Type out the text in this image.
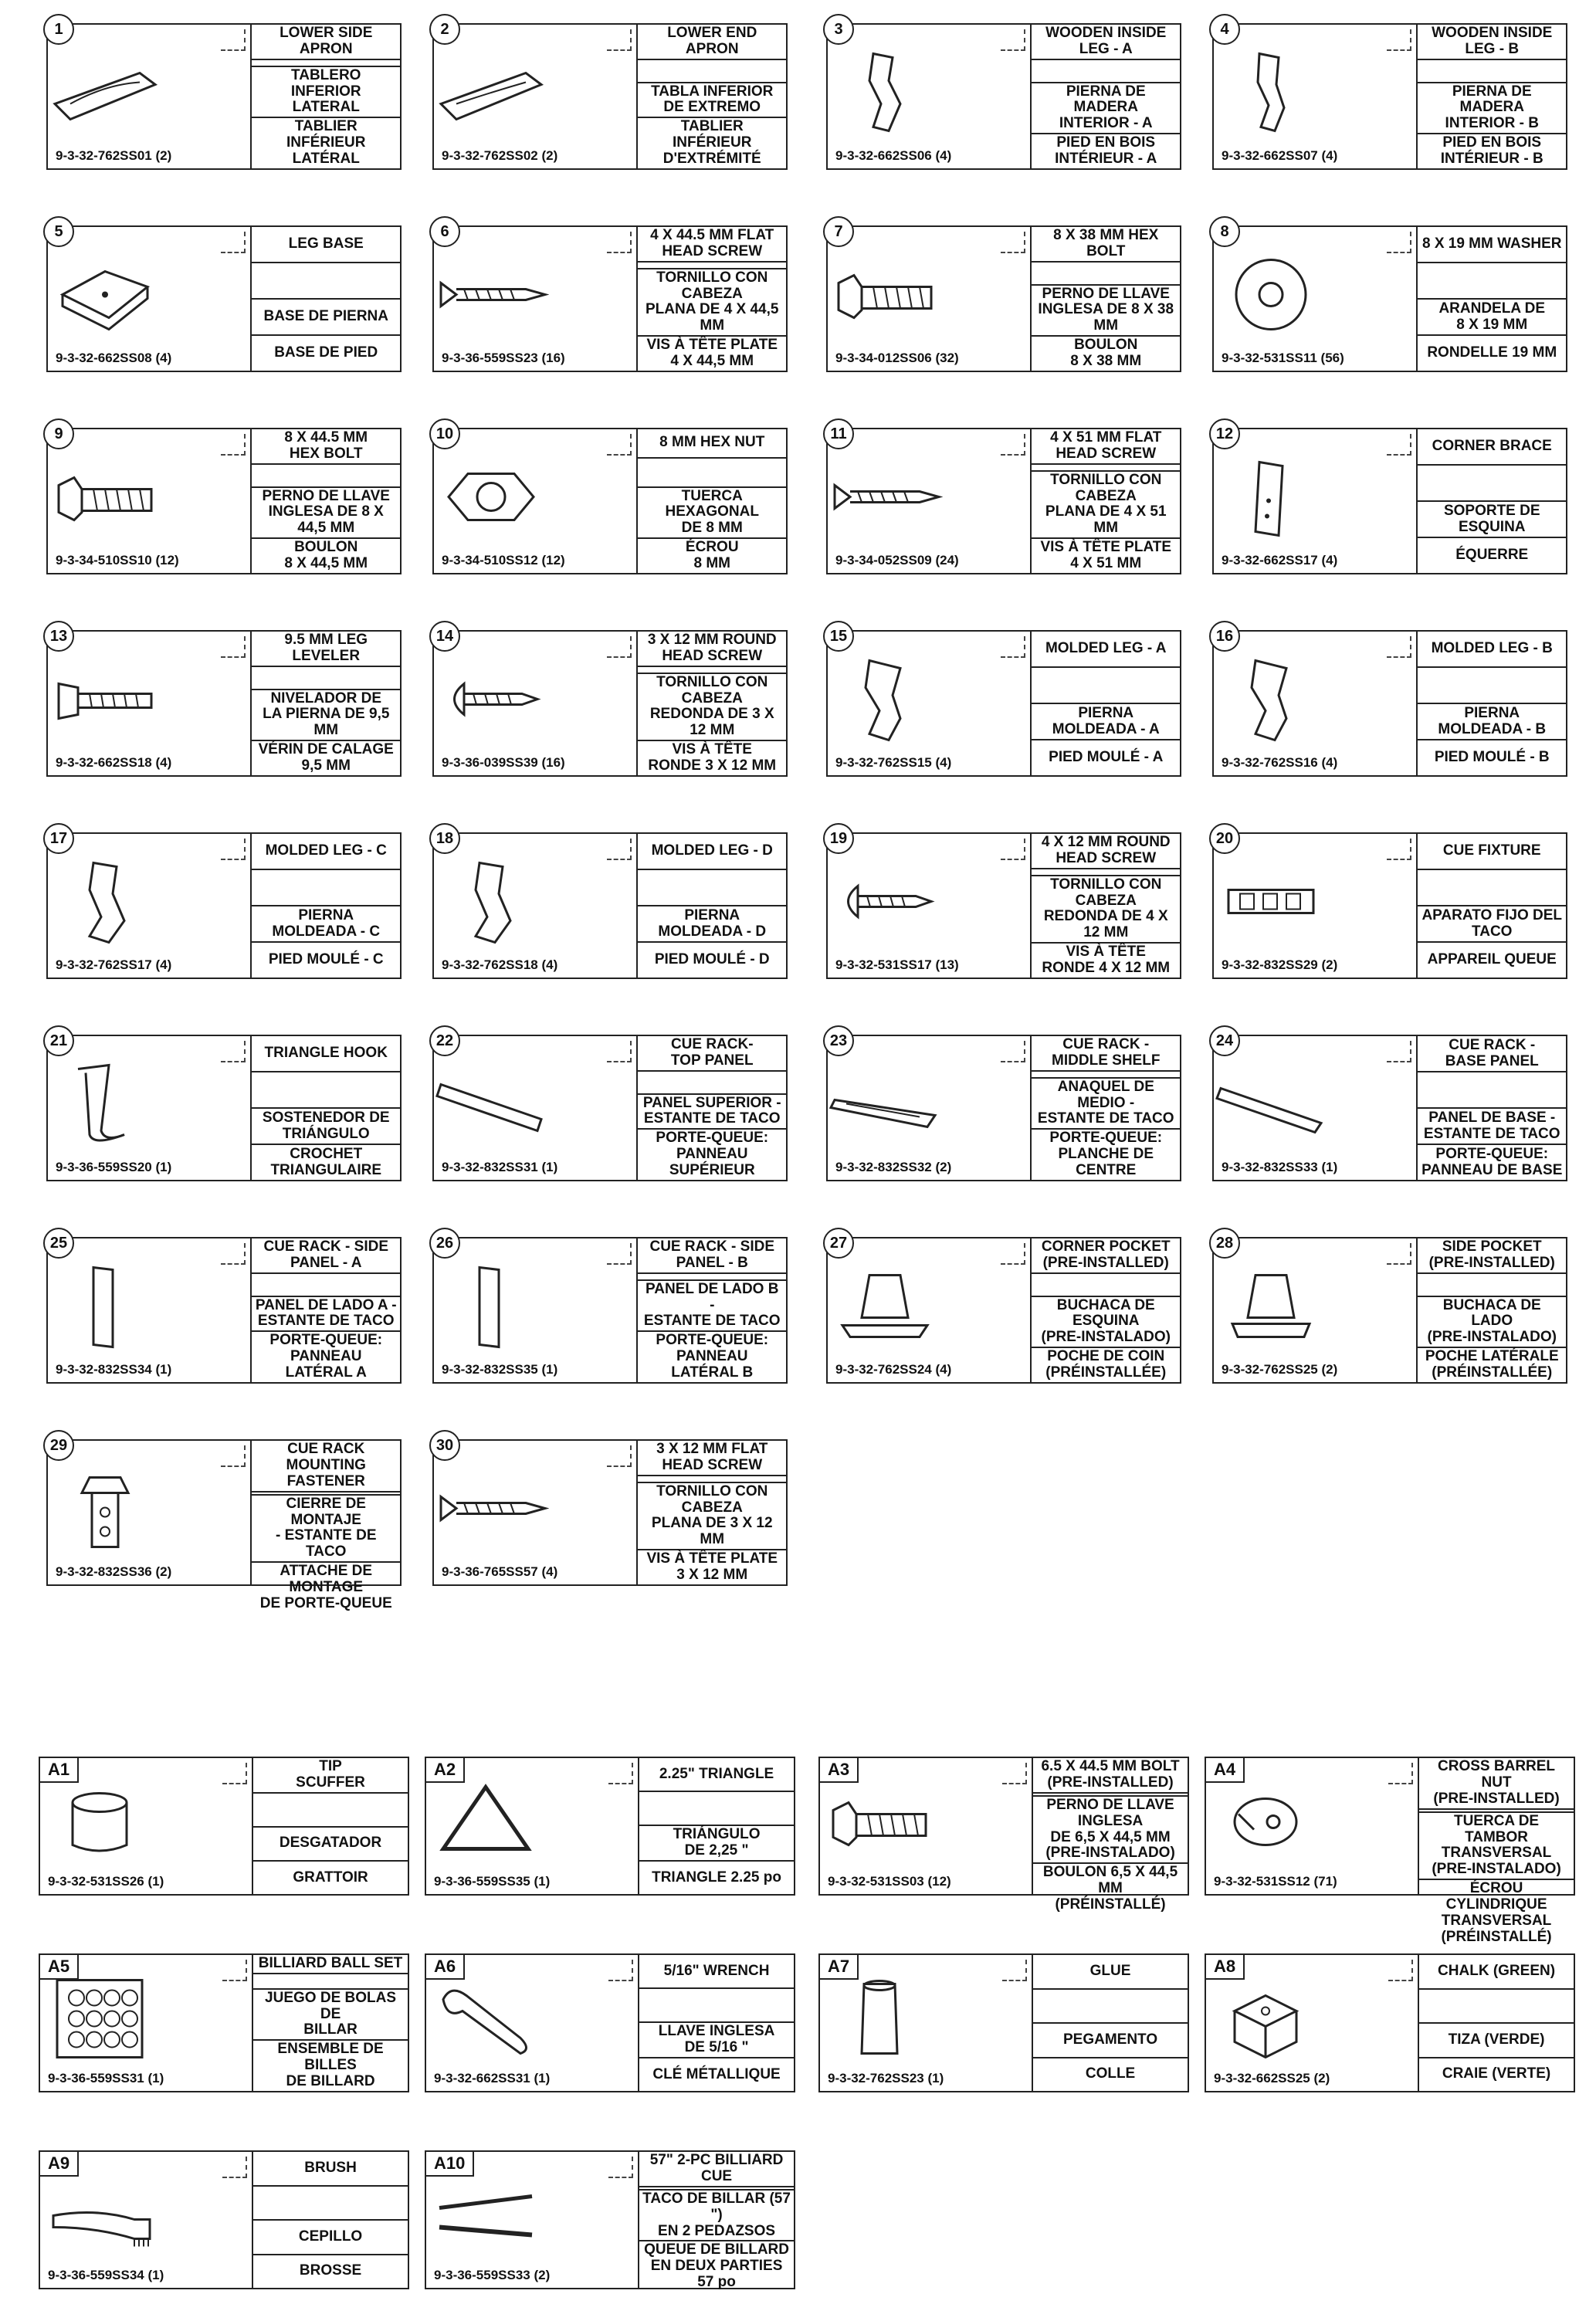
1
9-3-32-762SS01 (2)
LOWER SIDE APRON
TABLERO INFERIOR
LATERAL
TABLIER INFÉRIEUR
LATÉRAL
2
9-3-32-762SS02 (2)
LOWER END APRON
TABLA INFERIOR
DE EXTREMO
TABLIER INFÉRIEUR
D'EXTRÉMITÉ
3
9-3-32-662SS06 (4)
WOODEN INSIDE
LEG - A
PIERNA DE MADERA
INTERIOR - A
PIED EN BOIS
INTÉRIEUR - A
4
9-3-32-662SS07 (4)
WOODEN INSIDE
LEG - B
PIERNA DE MADERA
INTERIOR - B
PIED EN BOIS
INTÉRIEUR - B
5
9-3-32-662SS08 (4)
LEG BASE
BASE DE PIERNA
BASE DE PIED
6
9-3-36-559SS23 (16)
4 X 44.5 MM FLAT
HEAD SCREW
TORNILLO CON CABEZA
PLANA DE 4 X 44,5 MM
VIS À TÊTE PLATE
4 X 44,5 MM
7
9-3-34-012SS06 (32)
8 X 38 MM HEX
BOLT
PERNO DE LLAVE
INGLESA DE 8 X 38 MM
BOULON
8 X 38 MM
8
9-3-32-531SS11 (56)
8 X 19 MM WASHER
ARANDELA DE
8 X 19 MM
RONDELLE 19 MM
9
9-3-34-510SS10 (12)
8 X 44.5 MM
HEX BOLT
PERNO DE LLAVE
INGLESA DE 8 X 44,5 MM
BOULON
8 X 44,5 MM
10
9-3-34-510SS12 (12)
8 MM HEX NUT
TUERCA HEXAGONAL
DE 8 MM
ÉCROU
8 MM
11
9-3-34-052SS09 (24)
4 X 51 MM FLAT
HEAD SCREW
TORNILLO CON CABEZA
PLANA DE 4 X 51 MM
VIS À TÊTE PLATE
4 X 51 MM
12
9-3-32-662SS17 (4)
CORNER BRACE
SOPORTE DE
ESQUINA
ÉQUERRE
13
9-3-32-662SS18 (4)
9.5 MM LEG LEVELER
NIVELADOR DE
LA PIERNA DE 9,5 MM
VÉRIN DE CALAGE
9,5 MM
14
9-3-36-039SS39 (16)
3 X 12 MM ROUND
HEAD SCREW
TORNILLO CON CABEZA
REDONDA DE 3 X 12 MM
VIS À TÊTE
RONDE 3 X 12 MM
15
9-3-32-762SS15 (4)
MOLDED LEG - A
PIERNA MOLDEADA - A
PIED MOULÉ - A
16
9-3-32-762SS16 (4)
MOLDED LEG - B
PIERNA MOLDEADA - B
PIED MOULÉ - B
17
9-3-32-762SS17 (4)
MOLDED LEG - C
PIERNA MOLDEADA - C
PIED MOULÉ - C
18
9-3-32-762SS18 (4)
MOLDED LEG - D
PIERNA MOLDEADA - D
PIED MOULÉ - D
19
9-3-32-531SS17 (13)
4 X 12 MM ROUND
HEAD SCREW
TORNILLO CON CABEZA
REDONDA DE 4 X 12 MM
VIS À TÊTE
RONDE 4 X 12 MM
20
9-3-32-832SS29 (2)
CUE FIXTURE
APARATO FIJO DEL
TACO
APPAREIL QUEUE
21
9-3-36-559SS20 (1)
TRIANGLE HOOK
SOSTENEDOR DE
TRIÁNGULO
CROCHET
TRIANGULAIRE
22
9-3-32-832SS31 (1)
CUE RACK-
TOP PANEL
PANEL SUPERIOR -
ESTANTE DE TACO
PORTE-QUEUE:
PANNEAU SUPÉRIEUR
23
9-3-32-832SS32 (2)
CUE RACK -
MIDDLE SHELF
ANAQUEL DE MEDIO -
ESTANTE DE TACO
PORTE-QUEUE:
PLANCHE DE CENTRE
24
9-3-32-832SS33 (1)
CUE RACK -
BASE PANEL
PANEL DE BASE -
ESTANTE DE TACO
PORTE-QUEUE:
PANNEAU DE BASE
25
9-3-32-832SS34 (1)
CUE RACK - SIDE
PANEL - A
PANEL DE LADO A -
ESTANTE DE TACO
PORTE-QUEUE:
PANNEAU LATÉRAL A
26
9-3-32-832SS35 (1)
CUE RACK - SIDE
PANEL - B
PANEL DE LADO B -
ESTANTE DE TACO
PORTE-QUEUE:
PANNEAU LATÉRAL B
27
9-3-32-762SS24 (4)
CORNER POCKET
(PRE-INSTALLED)
BUCHACA DE ESQUINA
(PRE-INSTALADO)
POCHE DE COIN
(PRÉINSTALLÉE)
28
9-3-32-762SS25 (2)
SIDE POCKET
(PRE-INSTALLED)
BUCHACA DE LADO
(PRE-INSTALADO)
POCHE LATÉRALE
(PRÉINSTALLÉE)
29
9-3-32-832SS36 (2)
CUE RACK MOUNTING
FASTENER
CIERRE DE MONTAJE
- ESTANTE DE TACO
ATTACHE DE MONTAGE
DE PORTE-QUEUE
30
9-3-36-765SS57 (4)
3 X 12 MM FLAT
HEAD SCREW
TORNILLO CON CABEZA
PLANA DE 3 X 12 MM
VIS À TÊTE PLATE
3 X 12 MM
A1
9-3-32-531SS26 (1)
TIP
SCUFFER
DESGATADOR
GRATTOIR
A2
9-3-36-559SS35 (1)
2.25" TRIANGLE
TRIÁNGULO
DE 2,25 "
TRIANGLE 2.25 po
A3
9-3-32-531SS03 (12)
6.5 X 44.5 MM BOLT
(PRE-INSTALLED)
PERNO DE LLAVE INGLESA
DE 6,5 X 44,5 MM
(PRE-INSTALADO)
BOULON 6,5 X 44,5 MM
(PRÉINSTALLÉ)
A4
9-3-32-531SS12 (71)
CROSS BARREL NUT
(PRE-INSTALLED)
TUERCA DE TAMBOR
TRANSVERSAL
(PRE-INSTALADO)
ÉCROU CYLINDRIQUE
TRANSVERSAL
(PRÉINSTALLÉ)
A5
9-3-36-559SS31 (1)
BILLIARD BALL SET
JUEGO DE BOLAS DE
BILLAR
ENSEMBLE DE BILLES
DE BILLARD
A6
9-3-32-662SS31 (1)
5/16" WRENCH
LLAVE INGLESA
DE 5/16 "
CLÉ MÉTALLIQUE
A7
9-3-32-762SS23 (1)
GLUE
PEGAMENTO
COLLE
A8
9-3-32-662SS25 (2)
CHALK (GREEN)
TIZA (VERDE)
CRAIE (VERTE)
A9
9-3-36-559SS34 (1)
BRUSH
CEPILLO
BROSSE
A10
9-3-36-559SS33 (2)
57" 2-PC BILLIARD
CUE
TACO DE BILLAR (57 ")
EN 2 PEDAZSOS
QUEUE DE BILLARD
EN DEUX PARTIES 57 po
